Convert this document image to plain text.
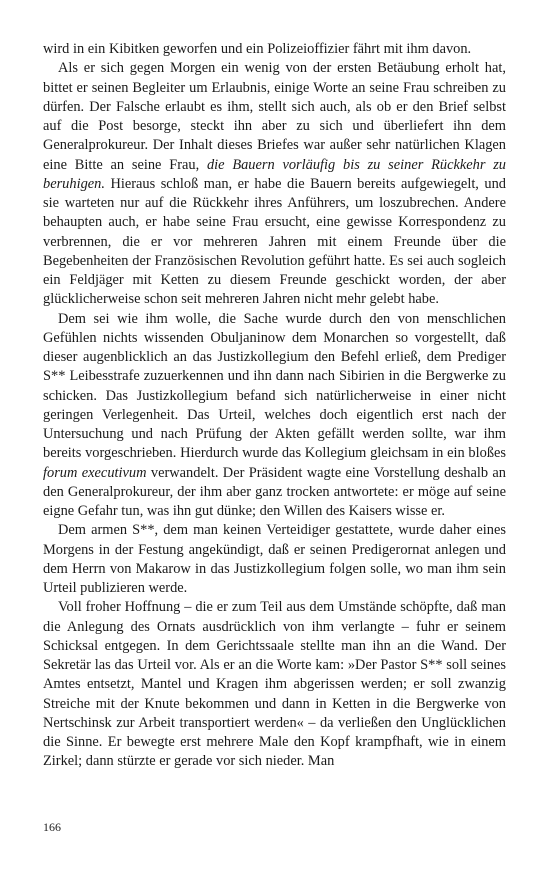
wird in ein Kibitken geworfen und ein Polizeioffizier fährt mit ihm davon.

Als er sich gegen Morgen ein wenig von der ersten Betäubung erholt hat, bittet er seinen Begleiter um Erlaubnis, einige Worte an seine Frau schreiben zu dürfen. Der Falsche erlaubt es ihm, stellt sich auch, als ob er den Brief selbst auf die Post besorge, steckt ihn aber zu sich und überliefert ihn dem Generalprokureur. Der Inhalt dieses Briefes war außer sehr natürlichen Klagen eine Bitte an seine Frau, die Bauern vorläufig bis zu seiner Rückkehr zu beruhigen. Hieraus schloß man, er habe die Bauern bereits aufgewiegelt, und sie warteten nur auf die Rückkehr ihres Anführers, um loszubrechen. Andere behaupten auch, er habe seine Frau ersucht, eine gewisse Korrespondenz zu verbrennen, die er vor mehreren Jahren mit einem Freunde über die Begebenheiten der Französischen Revolution geführt hatte. Es sei auch sogleich ein Feldjäger mit Ketten zu diesem Freunde geschickt worden, der aber glücklicherweise schon seit mehreren Jahren nicht mehr gelebt habe.

Dem sei wie ihm wolle, die Sache wurde durch den von menschlichen Gefühlen nichts wissenden Obuljaninow dem Monarchen so vorgestellt, daß dieser augenblicklich an das Justizkollegium den Befehl erließ, dem Prediger S** Leibesstrafe zuzuerkennen und ihn dann nach Sibirien in die Bergwerke zu schicken. Das Justizkollegium befand sich natürlicherweise in einer nicht geringen Verlegenheit. Das Urteil, welches doch eigentlich erst nach der Untersuchung und nach Prüfung der Akten gefällt werden sollte, war ihm bereits vorgeschrieben. Hierdurch wurde das Kollegium gleichsam in ein bloßes forum executivum verwandelt. Der Präsident wagte eine Vorstellung deshalb an den Generalprokureur, der ihm aber ganz trocken antwortete: er möge auf seine eigne Gefahr tun, was ihn gut dünke; den Willen des Kaisers wisse er.

Dem armen S**, dem man keinen Verteidiger gestattete, wurde daher eines Morgens in der Festung angekündigt, daß er seinen Predigerornat anlegen und dem Herrn von Makarow in das Justizkollegium folgen solle, wo man ihm sein Urteil publizieren werde.

Voll froher Hoffnung – die er zum Teil aus dem Umstände schöpfte, daß man die Anlegung des Ornats ausdrücklich von ihm verlangte – fuhr er seinem Schicksal entgegen. In dem Gerichtssaale stellte man ihn an die Wand. Der Sekretär las das Urteil vor. Als er an die Worte kam: »Der Pastor S** soll seines Amtes entsetzt, Mantel und Kragen ihm abgerissen werden; er soll zwanzig Streiche mit der Knute bekommen und dann in Ketten in die Bergwerke von Nertschinsk zur Arbeit transportiert werden« – da verließen den Unglücklichen die Sinne. Er bewegte erst mehrere Male den Kopf krampfhaft, wie in einem Zirkel; dann stürzte er gerade vor sich nieder. Man

166
